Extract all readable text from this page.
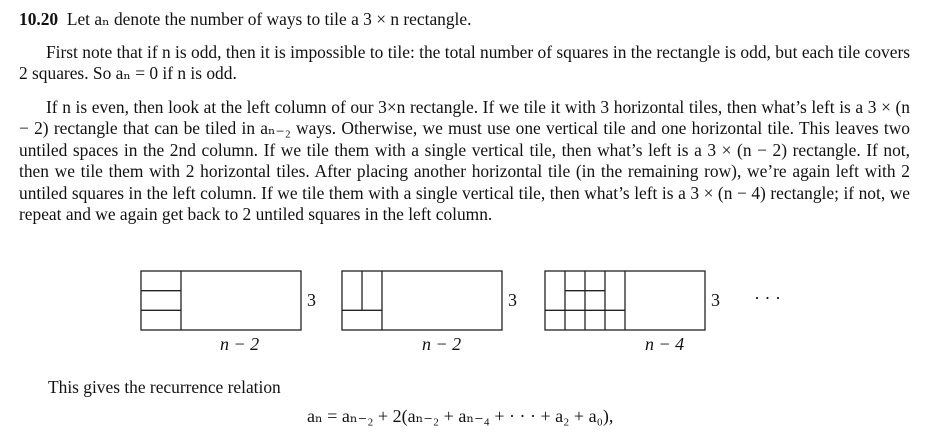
10.20 Let aₙ denote the number of ways to tile a 3 × n rectangle.

First note that if n is odd, then it is impossible to tile: the total number of squares in the rectangle is odd, but each tile covers 2 squares. So aₙ = 0 if n is odd.

If n is even, then look at the left column of our 3×n rectangle. If we tile it with 3 horizontal tiles, then what’s left is a 3 × (n − 2) rectangle that can be tiled in aₙ₋₂ ways. Otherwise, we must use one vertical tile and one horizontal tile. This leaves two untiled spaces in the 2nd column. If we tile them with a single vertical tile, then what’s left is a 3 × (n − 2) rectangle. If not, then we tile them with 2 horizontal tiles. After placing another horizontal tile (in the remaining row), we’re again left with 2 untiled squares in the left column. If we tile them with a single vertical tile, then what’s left is a 3 × (n − 4) rectangle; if not, we repeat and we again get back to 2 untiled squares in the left column.

3	3	3 · · ·
n − 2	n − 2	n − 4

This gives the recurrence relation

aₙ = aₙ₋₂ + 2(aₙ₋₂ + aₙ₋₄ + · · · + a₂ + a₀),
